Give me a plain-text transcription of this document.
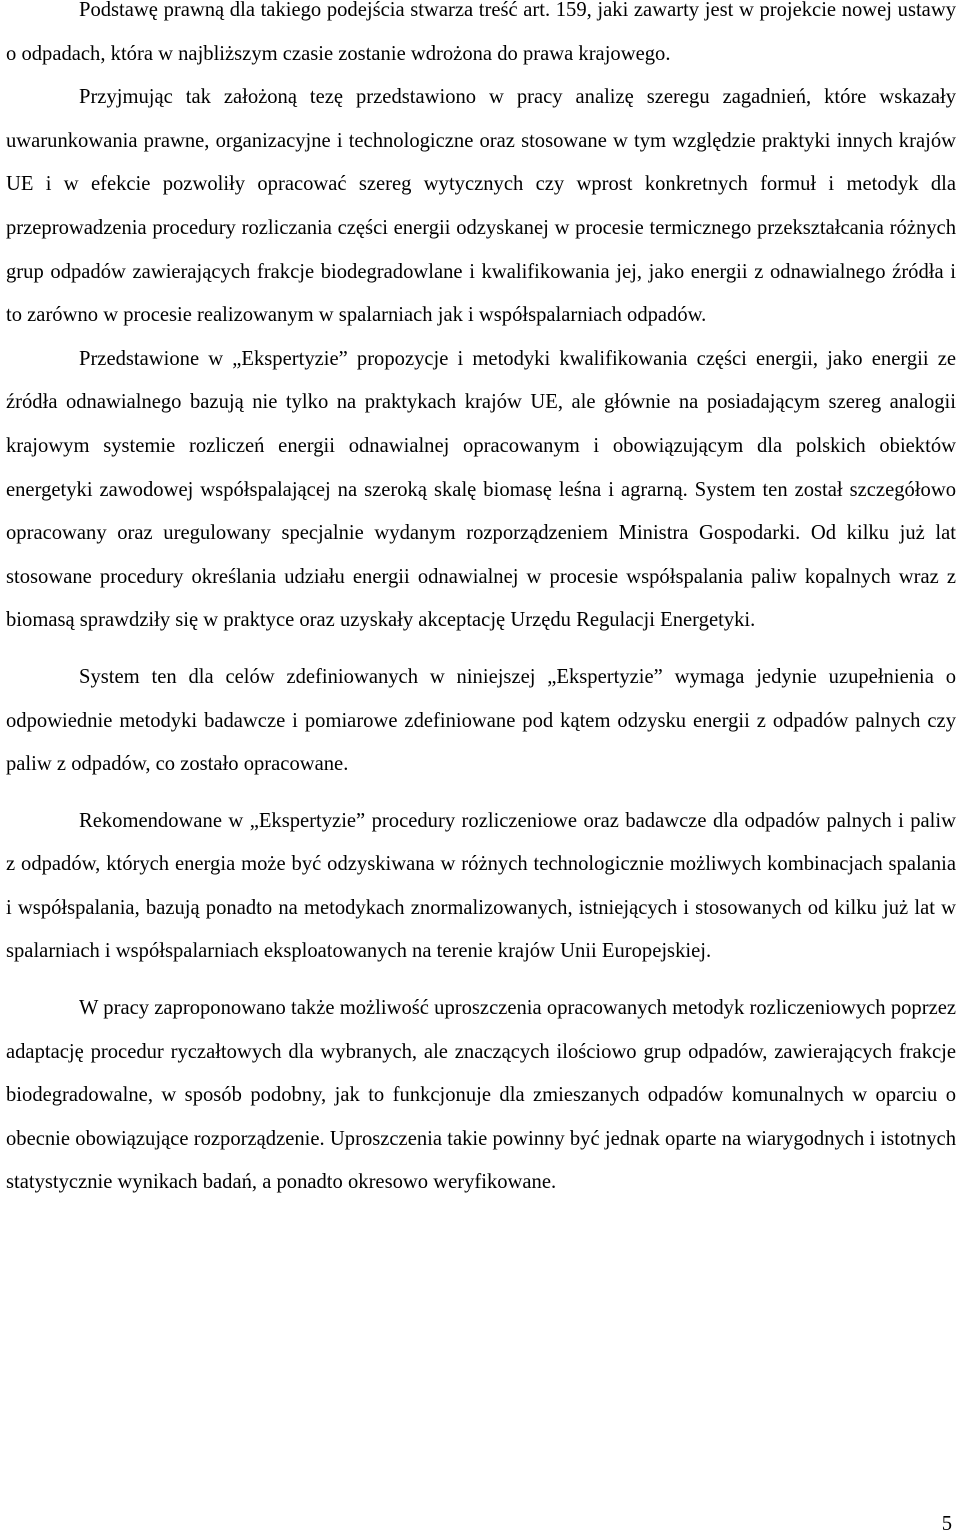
Podstawę prawną dla takiego podejścia stwarza treść art. 159, jaki zawarty jest w projekcie nowej ustawy o odpadach, która w najbliższym czasie zostanie wdrożona do prawa krajowego.

Przyjmując tak założoną tezę przedstawiono w pracy analizę szeregu zagadnień, które wskazały uwarunkowania prawne, organizacyjne i technologiczne oraz stosowane w tym względzie praktyki innych krajów UE i w efekcie pozwoliły opracować szereg wytycznych czy wprost konkretnych formuł i metodyk dla przeprowadzenia procedury rozliczania części energii odzyskanej w procesie termicznego przekształcania różnych grup odpadów zawierających frakcje biodegradowlane i kwalifikowania jej, jako energii z odnawialnego źródła i to zarówno w procesie realizowanym w spalarniach jak i współspalarniach odpadów.

Przedstawione w „Ekspertyzie” propozycje i metodyki kwalifikowania części energii, jako energii ze źródła odnawialnego bazują nie tylko na praktykach krajów UE, ale głównie na posiadającym szereg analogii krajowym systemie rozliczeń energii odnawialnej opracowanym i obowiązującym dla polskich obiektów energetyki zawodowej współspalającej na szeroką skalę biomasę leśna i agrarną. System ten został szczegółowo opracowany oraz uregulowany specjalnie wydanym rozporządzeniem Ministra Gospodarki. Od kilku już lat stosowane procedury określania udziału energii odnawialnej w procesie współspalania paliw kopalnych wraz z biomasą sprawdziły się w praktyce oraz uzyskały akceptację Urzędu Regulacji Energetyki.

System ten dla celów zdefiniowanych w niniejszej „Ekspertyzie” wymaga jedynie uzupełnienia o odpowiednie metodyki badawcze i pomiarowe zdefiniowane pod kątem odzysku energii z odpadów palnych czy paliw z odpadów, co zostało opracowane.

Rekomendowane w „Ekspertyzie” procedury rozliczeniowe oraz badawcze dla odpadów palnych i paliw z odpadów, których energia może być odzyskiwana w różnych technologicznie możliwych kombinacjach spalania i współspalania, bazują ponadto na metodykach znormalizowanych, istniejących i stosowanych od kilku już lat w spalarniach i współspalarniach eksploatowanych na terenie krajów Unii Europejskiej.

W pracy zaproponowano także możliwość uproszczenia opracowanych metodyk rozliczeniowych poprzez adaptację procedur ryczałtowych dla wybranych, ale znaczących ilościowo grup odpadów, zawierających frakcje biodegradowalne, w sposób podobny, jak to funkcjonuje dla zmieszanych odpadów komunalnych w oparciu o obecnie obowiązujące rozporządzenie. Uproszczenia takie powinny być jednak oparte na wiarygodnych i istotnych statystycznie wynikach badań, a ponadto okresowo weryfikowane.

5
